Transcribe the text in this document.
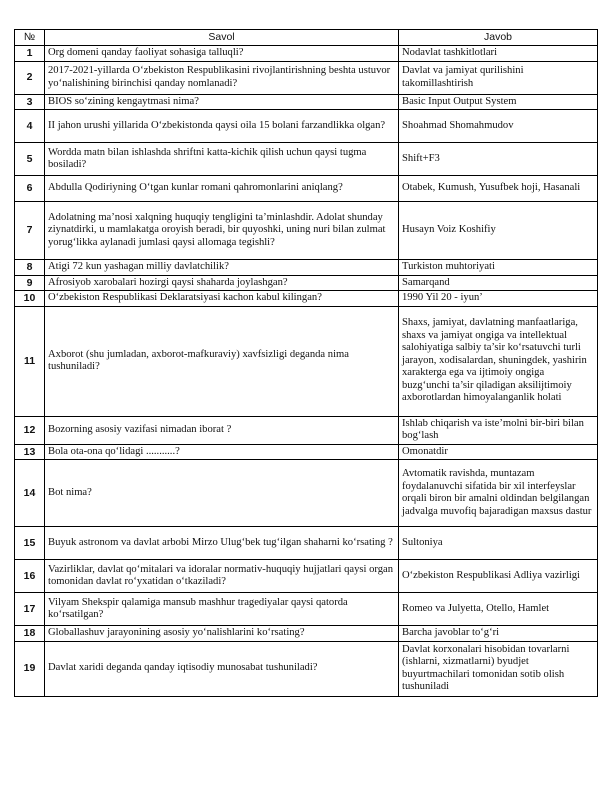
№	Savol	Javob
1	Org domeni qanday faoliyat sohasiga talluqli?	Nodavlat tashkitlotlari
2	2017-2021-yillarda O‘zbekiston Respublikasini rivojlantirishning beshta ustuvor yo‘nalishining birinchisi qanday nomlanadi?	Davlat va jamiyat qurilishini takomillashtirish
3	BIOS so‘zining kengaytmasi nima?	Basic Input Output System
4	II jahon urushi yillarida O‘zbekistonda qaysi oila 15 bolani farzandlikka olgan?	Shoahmad Shomahmudov
5	Wordda matn bilan ishlashda shriftni katta-kichik qilish uchun qaysi tugma bosiladi?	Shift+F3
6	Abdulla Qodiriyning O‘tgan kunlar romani qahromonlarini aniqlang?	Otabek, Kumush, Yusufbek hoji, Hasanali
7	Adolatning ma’nosi xalqning huquqiy tengligini ta’minlashdir. Adolat shunday ziynatdirki, u mamlakatga oroyish beradi, bir quyoshki, uning nuri bilan zulmat yorug‘likka aylanadi jumlasi qaysi allomaga tegishli?	Husayn Voiz Koshifiy
8	Atigi 72 kun yashagan milliy davlatchilik?	Turkiston muhtoriyati
9	Afrosiyob xarobalari hozirgi qaysi shaharda joylashgan?	Samarqand
10	O‘zbekiston Respublikasi Deklaratsiyasi kachon kabul kilingan?	1990 Yil 20 - iyun’
11	Axborot (shu jumladan, axborot-mafkuraviy) xavfsizligi deganda nima tushuniladi?	Shaxs, jamiyat, davlatning manfaatlariga, shaxs va jamiyat ongiga va intellektual salohiyatiga salbiy ta’sir ko‘rsatuvchi turli jarayon, xodisalardan, shuningdek, yashirin xarakterga ega va ijtimoiy ongiga buzg‘unchi ta’sir qiladigan aksilijtimoiy axborotlardan himoyalanganlik holati
12	Bozorning asosiy vazifasi nimadan iborat ?	Ishlab chiqarish va iste’molni bir-biri bilan bog‘lash
13	Bola ota-ona qo‘lidagi ...........?	Omonatdir
14	Bot nima?	Avtomatik ravishda, muntazam foydalanuvchi sifatida bir xil interfeyslar orqali biron bir amalni oldindan belgilangan jadvalga muvofiq bajaradigan maxsus dastur
15	Buyuk astronom va davlat arbobi Mirzo Ulug‘bek tug‘ilgan shaharni ko‘rsating ?	Sultoniya
16	Vazirliklar, davlat qo‘mitalari va idoralar normativ-huquqiy hujjatlari qaysi organ tomonidan davlat ro‘yxatidan o‘tkaziladi?	O‘zbekiston Respublikasi Adliya vazirligi
17	Vilyam Shekspir qalamiga mansub mashhur tragediyalar qaysi qatorda ko‘rsatilgan?	Romeo va Julyetta, Otello, Hamlet
18	Globallashuv jarayonining asosiy yo‘nalishlarini ko‘rsating?	Barcha javoblar to‘g‘ri
19	Davlat xaridi deganda qanday iqtisodiy munosabat tushuniladi?	Davlat korxonalari hisobidan tovarlarni (ishlarni, xizmatlarni) byudjet buyurtmachilari tomonidan sotib olish tushuniladi
